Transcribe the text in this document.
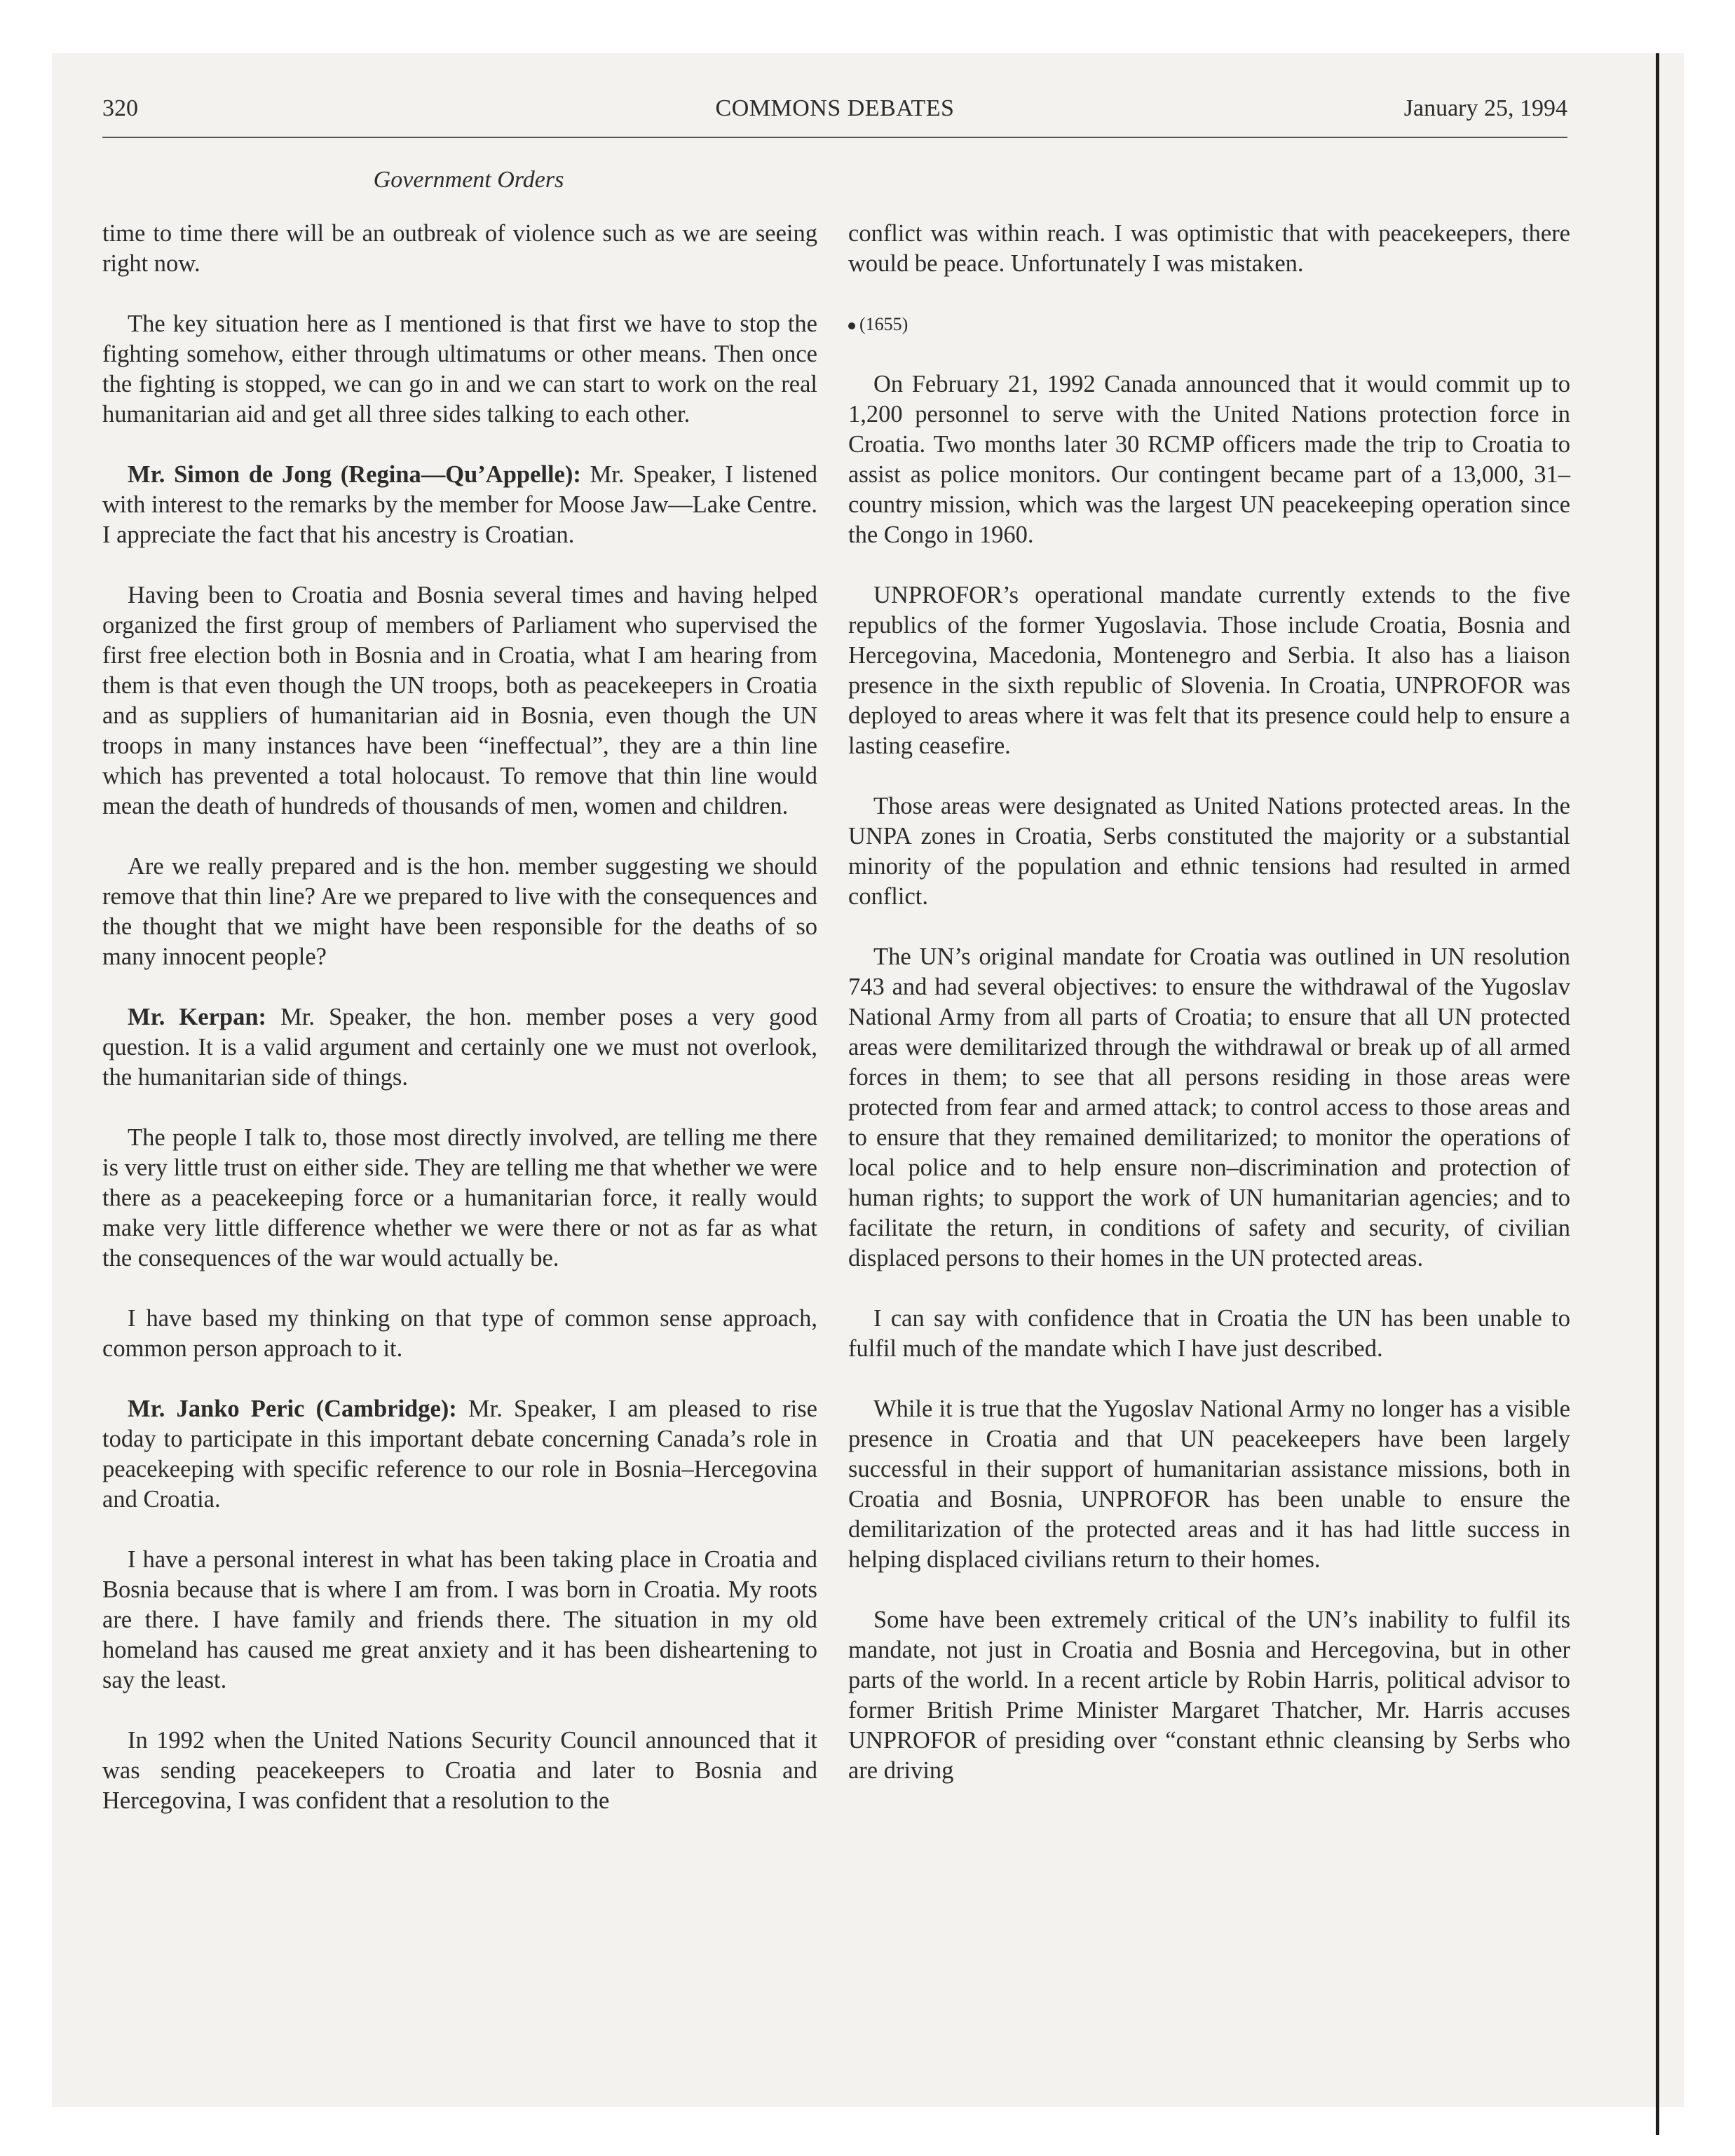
320	COMMONS DEBATES	January 25, 1994
Government Orders

time to time there will be an outbreak of violence such as we are seeing right now.

The key situation here as I mentioned is that first we have to stop the fighting somehow, either through ultimatums or other means. Then once the fighting is stopped, we can go in and we can start to work on the real humanitarian aid and get all three sides talking to each other.

Mr. Simon de Jong (Regina—Qu’Appelle): Mr. Speaker, I listened with interest to the remarks by the member for Moose Jaw—Lake Centre. I appreciate the fact that his ancestry is Croatian.

Having been to Croatia and Bosnia several times and having helped organized the first group of members of Parliament who supervised the first free election both in Bosnia and in Croatia, what I am hearing from them is that even though the UN troops, both as peacekeepers in Croatia and as suppliers of humanitarian aid in Bosnia, even though the UN troops in many instances have been “ineffectual”, they are a thin line which has prevented a total holocaust. To remove that thin line would mean the death of hundreds of thousands of men, women and children.

Are we really prepared and is the hon. member suggesting we should remove that thin line? Are we prepared to live with the consequences and the thought that we might have been responsible for the deaths of so many innocent people?

Mr. Kerpan: Mr. Speaker, the hon. member poses a very good question. It is a valid argument and certainly one we must not overlook, the humanitarian side of things.

The people I talk to, those most directly involved, are telling me there is very little trust on either side. They are telling me that whether we were there as a peacekeeping force or a humanitarian force, it really would make very little difference whether we were there or not as far as what the consequences of the war would actually be.

I have based my thinking on that type of common sense approach, common person approach to it.

Mr. Janko Peric (Cambridge): Mr. Speaker, I am pleased to rise today to participate in this important debate concerning Canada’s role in peacekeeping with specific reference to our role in Bosnia–Hercegovina and Croatia.

I have a personal interest in what has been taking place in Croatia and Bosnia because that is where I am from. I was born in Croatia. My roots are there. I have family and friends there. The situation in my old homeland has caused me great anxiety and it has been disheartening to say the least.

In 1992 when the United Nations Security Council announced that it was sending peacekeepers to Croatia and later to Bosnia and Hercegovina, I was confident that a resolution to the

conflict was within reach. I was optimistic that with peacekeepers, there would be peace. Unfortunately I was mistaken.

(1655)

On February 21, 1992 Canada announced that it would commit up to 1,200 personnel to serve with the United Nations protection force in Croatia. Two months later 30 RCMP officers made the trip to Croatia to assist as police monitors. Our contingent became part of a 13,000, 31–country mission, which was the largest UN peacekeeping operation since the Congo in 1960.

UNPROFOR’s operational mandate currently extends to the five republics of the former Yugoslavia. Those include Croatia, Bosnia and Hercegovina, Macedonia, Montenegro and Serbia. It also has a liaison presence in the sixth republic of Slovenia. In Croatia, UNPROFOR was deployed to areas where it was felt that its presence could help to ensure a lasting ceasefire.

Those areas were designated as United Nations protected areas. In the UNPA zones in Croatia, Serbs constituted the majority or a substantial minority of the population and ethnic tensions had resulted in armed conflict.

The UN’s original mandate for Croatia was outlined in UN resolution 743 and had several objectives: to ensure the withdrawal of the Yugoslav National Army from all parts of Croatia; to ensure that all UN protected areas were demilitarized through the withdrawal or break up of all armed forces in them; to see that all persons residing in those areas were protected from fear and armed attack; to control access to those areas and to ensure that they remained demilitarized; to monitor the operations of local police and to help ensure non–discrimination and protection of human rights; to support the work of UN humanitarian agencies; and to facilitate the return, in conditions of safety and security, of civilian displaced persons to their homes in the UN protected areas.

I can say with confidence that in Croatia the UN has been unable to fulfil much of the mandate which I have just described.

While it is true that the Yugoslav National Army no longer has a visible presence in Croatia and that UN peacekeepers have been largely successful in their support of humanitarian assistance missions, both in Croatia and Bosnia, UNPROFOR has been unable to ensure the demilitarization of the protected areas and it has had little success in helping displaced civilians return to their homes.

Some have been extremely critical of the UN’s inability to fulfil its mandate, not just in Croatia and Bosnia and Hercegovina, but in other parts of the world. In a recent article by Robin Harris, political advisor to former British Prime Minister Margaret Thatcher, Mr. Harris accuses UNPROFOR of presiding over “constant ethnic cleansing by Serbs who are driving
